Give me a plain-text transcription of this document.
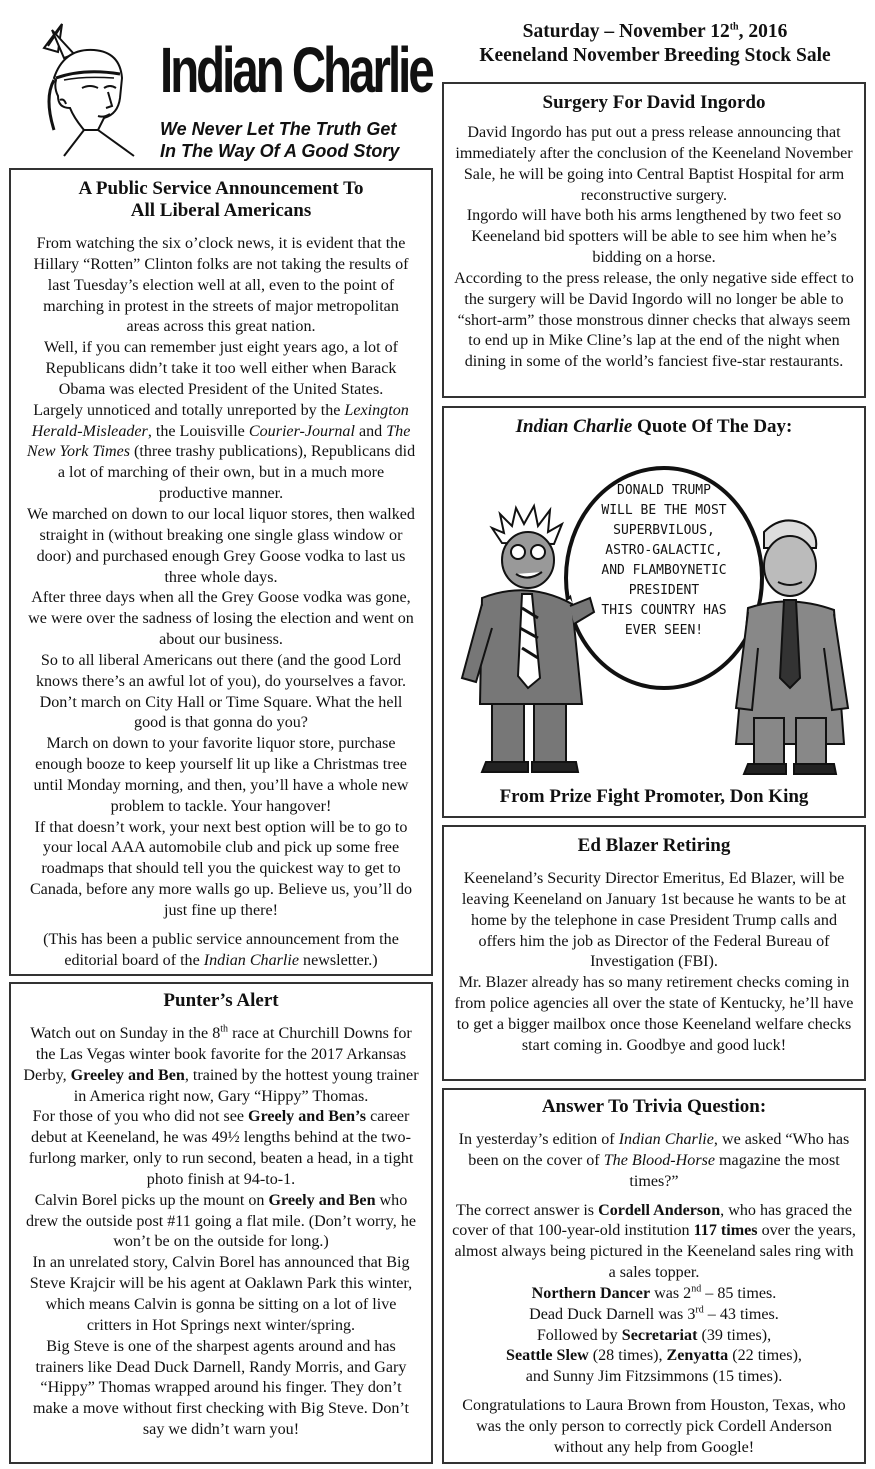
Indian Charlie
We Never Let The Truth Get
In The Way Of A Good Story
Saturday – November 12th, 2016
Keeneland November Breeding Stock Sale
A Public Service Announcement To
All Liberal Americans

From watching the six o’clock news, it is evident that the Hillary “Rotten” Clinton folks are not taking the results of last Tuesday’s election well at all, even to the point of marching in protest in the streets of major metropolitan areas across this great nation.

Well, if you can remember just eight years ago, a lot of Republicans didn’t take it too well either when Barack Obama was elected President of the United States.

Largely unnoticed and totally unreported by the Lexington Herald-Misleader, the Louisville Courier-Journal and The New York Times (three trashy publications), Republicans did a lot of marching of their own, but in a much more productive manner.

We marched on down to our local liquor stores, then walked straight in (without breaking one single glass window or door) and purchased enough Grey Goose vodka to last us three whole days.

After three days when all the Grey Goose vodka was gone, we were over the sadness of losing the election and went on about our business.

So to all liberal Americans out there (and the good Lord knows there’s an awful lot of you), do yourselves a favor. Don’t march on City Hall or Time Square. What the hell good is that gonna do you?

March on down to your favorite liquor store, purchase enough booze to keep yourself lit up like a Christmas tree until Monday morning, and then, you’ll have a whole new problem to tackle. Your hangover!

If that doesn’t work, your next best option will be to go to your local AAA automobile club and pick up some free roadmaps that should tell you the quickest way to get to Canada, before any more walls go up. Believe us, you’ll do just fine up there!

(This has been a public service announcement from the editorial board of the Indian Charlie newsletter.)

Punter’s Alert

Watch out on Sunday in the 8th race at Churchill Downs for the Las Vegas winter book favorite for the 2017 Arkansas Derby, Greeley and Ben, trained by the hottest young trainer in America right now, Gary “Hippy” Thomas.

For those of you who did not see Greely and Ben’s career debut at Keeneland, he was 49½ lengths behind at the two-furlong marker, only to run second, beaten a head, in a tight photo finish at 94-to-1.

Calvin Borel picks up the mount on Greely and Ben who drew the outside post #11 going a flat mile. (Don’t worry, he won’t be on the outside for long.)

In an unrelated story, Calvin Borel has announced that Big Steve Krajcir will be his agent at Oaklawn Park this winter, which means Calvin is gonna be sitting on a lot of live critters in Hot Springs next winter/spring.

Big Steve is one of the sharpest agents around and has trainers like Dead Duck Darnell, Randy Morris, and Gary “Hippy” Thomas wrapped around his finger. They don’t make a move without first checking with Big Steve. Don’t say we didn’t warn you!

Surgery For David Ingordo

David Ingordo has put out a press release announcing that immediately after the conclusion of the Keeneland November Sale, he will be going into Central Baptist Hospital for arm reconstructive surgery.

Ingordo will have both his arms lengthened by two feet so Keeneland bid spotters will be able to see him when he’s bidding on a horse.

According to the press release, the only negative side effect to the surgery will be David Ingordo will no longer be able to “short-arm” those monstrous dinner checks that always seem to end up in Mike Cline’s lap at the end of the night when dining in some of the world’s fanciest five-star restaurants.

Indian Charlie Quote Of The Day:
DONALD TRUMP
WILL BE THE MOST
SUPERBVILOUS,
ASTRO-GALACTIC,
AND FLAMBOYNETIC
PRESIDENT
THIS COUNTRY HAS
EVER SEEN!
From Prize Fight Promoter, Don King
Ed Blazer Retiring

Keeneland’s Security Director Emeritus, Ed Blazer, will be leaving Keeneland on January 1st because he wants to be at home by the telephone in case President Trump calls and offers him the job as Director of the Federal Bureau of Investigation (FBI).

Mr. Blazer already has so many retirement checks coming in from police agencies all over the state of Kentucky, he’ll have to get a bigger mailbox once those Keeneland welfare checks start coming in. Goodbye and good luck!

Answer To Trivia Question:

In yesterday’s edition of Indian Charlie, we asked “Who has been on the cover of The Blood-Horse magazine the most times?”

The correct answer is Cordell Anderson, who has graced the cover of that 100-year-old institution 117 times over the years, almost always being pictured in the Keeneland sales ring with a sales topper.

Northern Dancer was 2nd – 85 times.

Dead Duck Darnell was 3rd – 43 times.

Followed by Secretariat (39 times),

Seattle Slew (28 times), Zenyatta (22 times),

and Sunny Jim Fitzsimmons (15 times).

Congratulations to Laura Brown from Houston, Texas, who was the only person to correctly pick Cordell Anderson without any help from Google!
